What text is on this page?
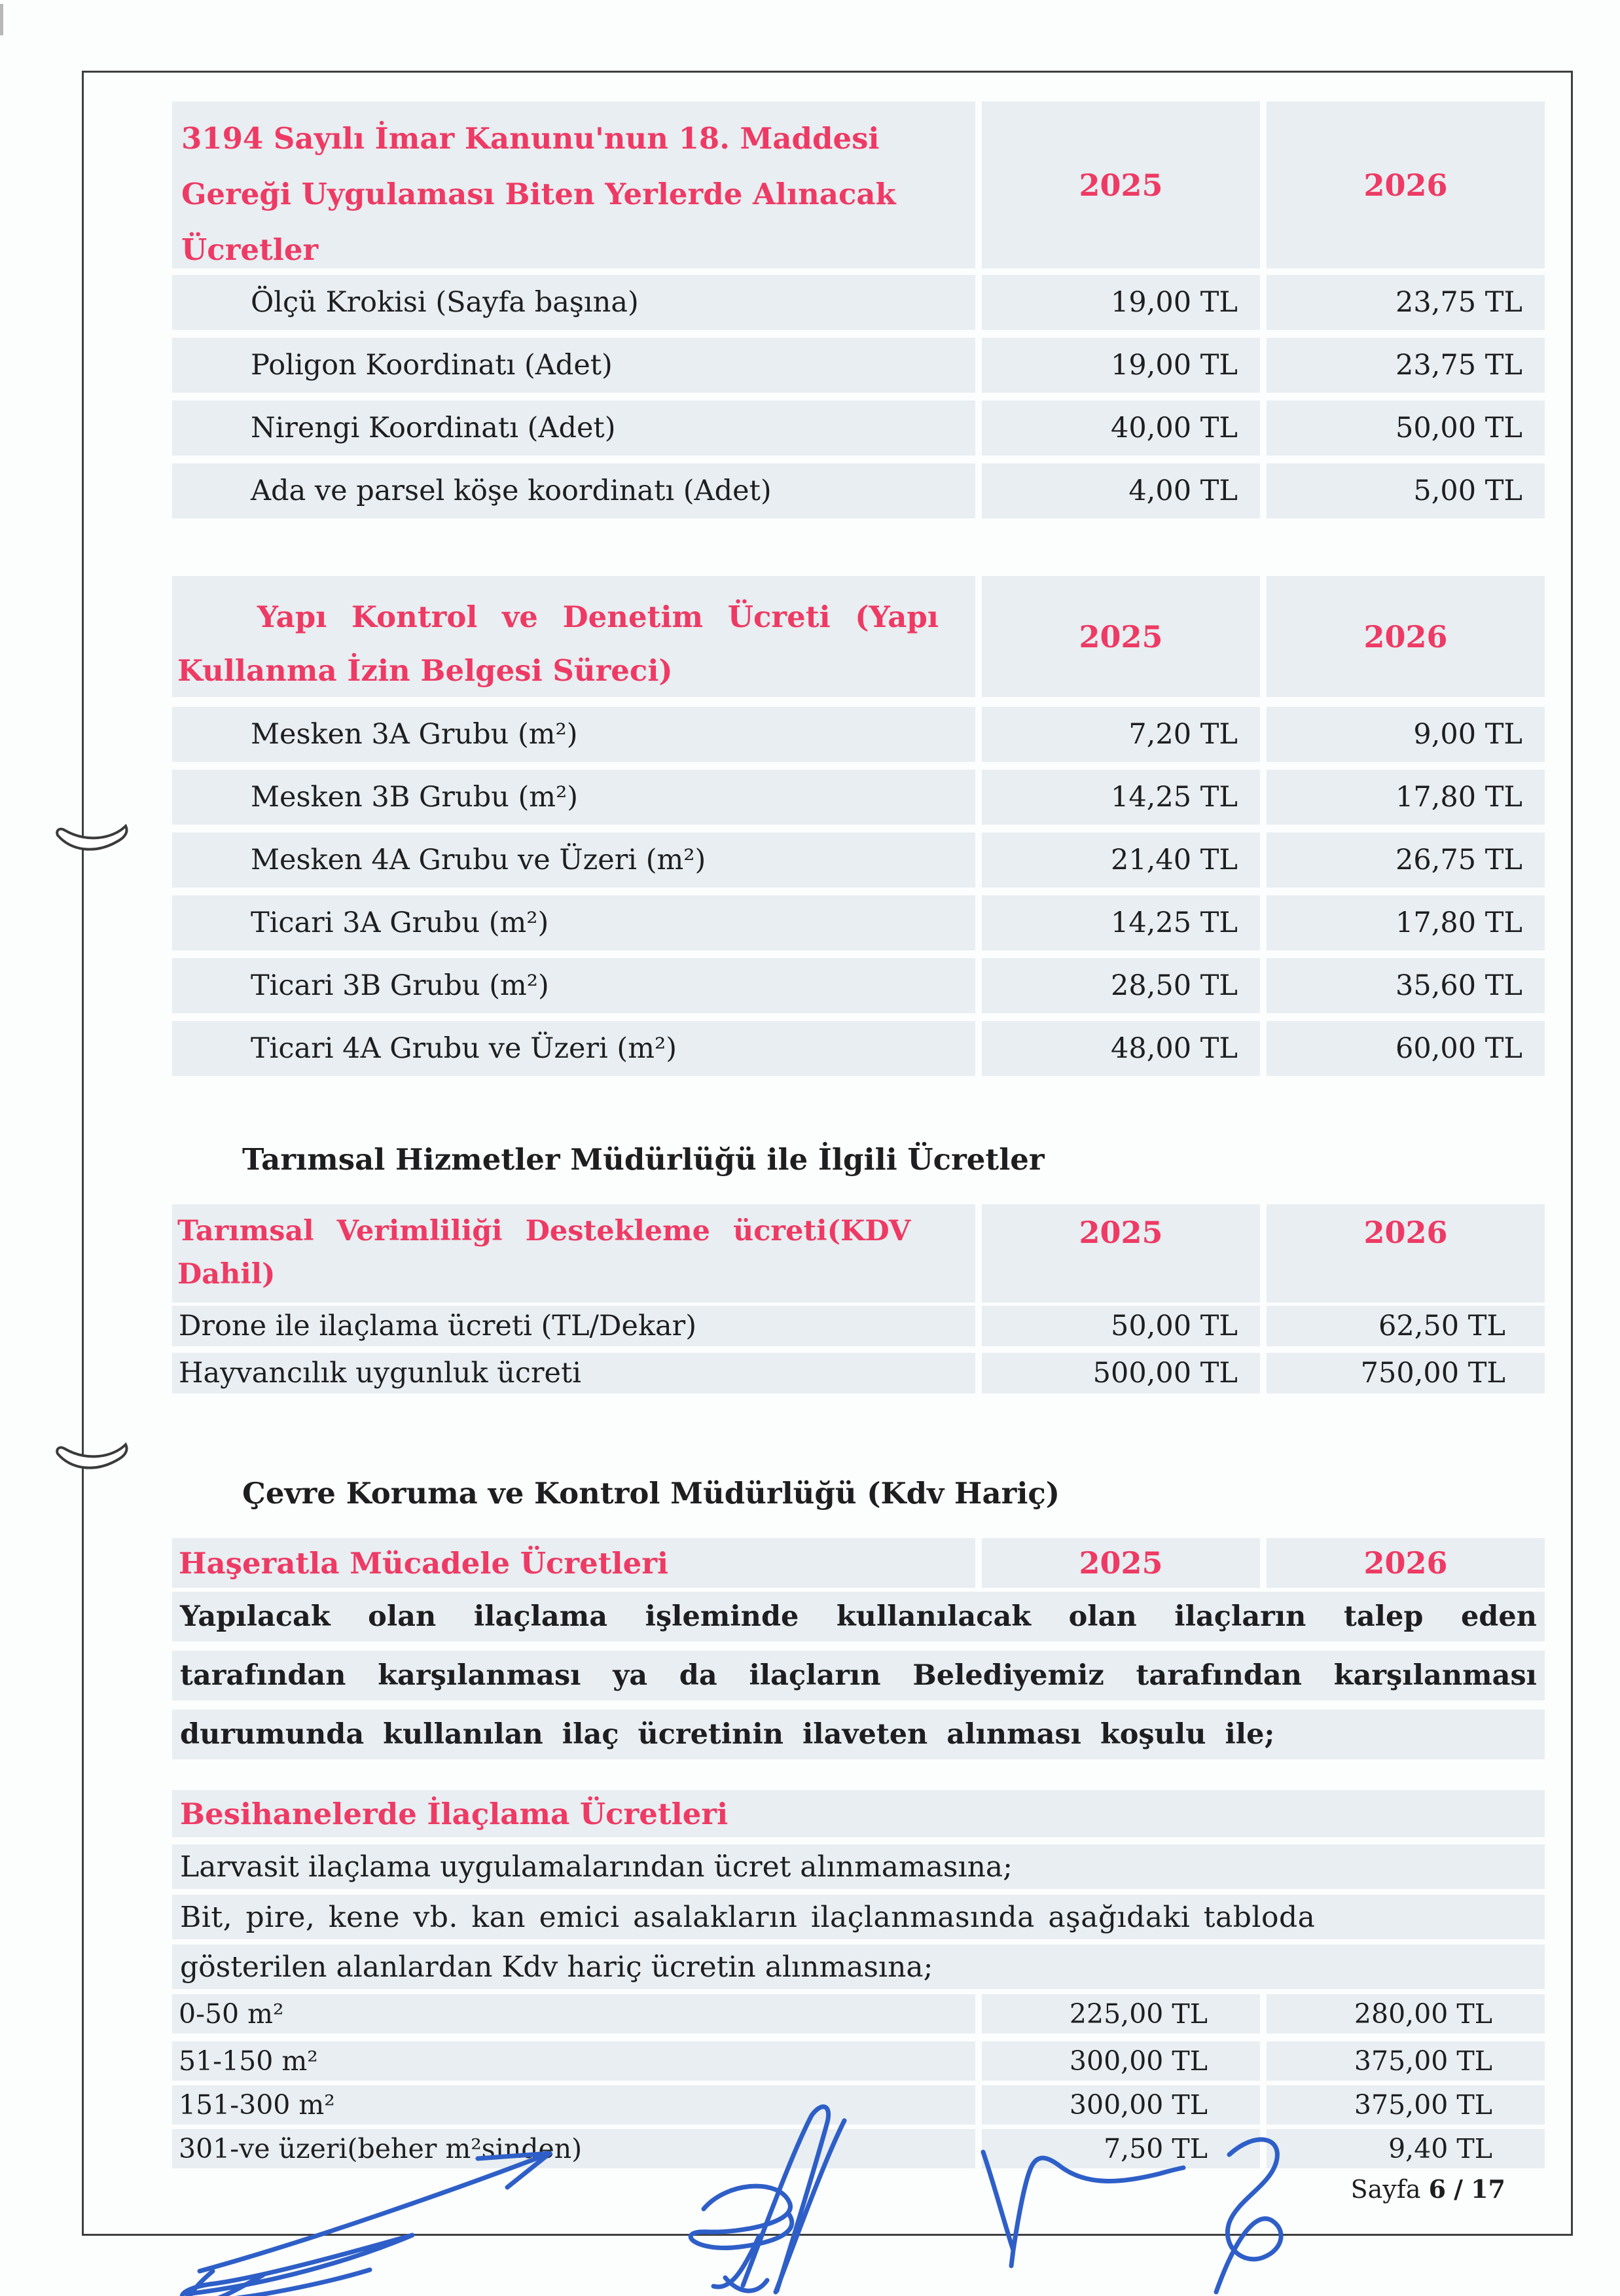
3194 Sayılı İmar Kanunu'nun 18. Maddesi
Gereği Uygulaması Biten Yerlerde Alınacak
Ücretler
2025	2026
Ölçü Krokisi (Sayfa başına)	19,00 TL	23,75 TL
Poligon Koordinatı (Adet)	19,00 TL	23,75 TL
Nirengi Koordinatı (Adet)	40,00 TL	50,00 TL
Ada ve parsel köşe koordinatı (Adet)	4,00 TL	5,00 TL
Yapı Kontrol ve Denetim Ücreti (Yapı
Kullanma İzin Belgesi Süreci)
2025	2026
Mesken 3A Grubu (m²)	7,20 TL	9,00 TL
Mesken 3B Grubu (m²)	14,25 TL	17,80 TL
Mesken 4A Grubu ve Üzeri (m²)	21,40 TL	26,75 TL
Ticari 3A Grubu (m²)	14,25 TL	17,80 TL
Ticari 3B Grubu (m²)	28,50 TL	35,60 TL
Ticari 4A Grubu ve Üzeri (m²)	48,00 TL	60,00 TL
Tarımsal Hizmetler Müdürlüğü ile İlgili Ücretler
Tarımsal Verimliliği Destekleme ücreti(KDV
Dahil)
2025	2026
Drone ile ilaçlama ücreti (TL/Dekar)	50,00 TL	62,50 TL
Hayvancılık uygunluk ücreti	500,00 TL	750,00 TL
Çevre Koruma ve Kontrol Müdürlüğü (Kdv Hariç)
Haşeratla Mücadele Ücretleri	2025	2026
Yapılacak olan ilaçlama işleminde kullanılacak olan ilaçların talep eden
tarafından karşılanması ya da ilaçların Belediyemiz tarafından karşılanması
durumunda kullanılan ilaç ücretinin ilaveten alınması koşulu ile;
Besihanelerde İlaçlama Ücretleri
Larvasit ilaçlama uygulamalarından ücret alınmamasına;
Bit, pire, kene vb. kan emici asalakların ilaçlanmasında aşağıdaki tabloda
gösterilen alanlardan Kdv hariç ücretin alınmasına;
0-50 m²	225,00 TL	280,00 TL
51-150 m²	300,00 TL	375,00 TL
151-300 m²	300,00 TL	375,00 TL
301-ve üzeri(beher m²sinden)	7,50 TL	9,40 TL
Sayfa 6 / 17
